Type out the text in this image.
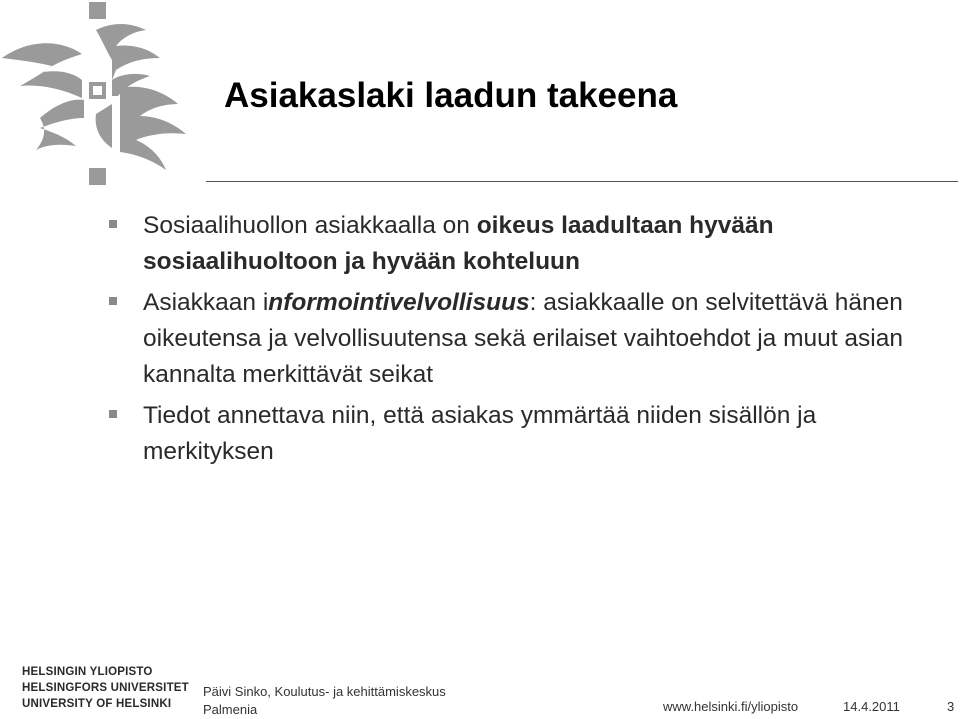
Asiakaslaki laadun takeena
Sosiaalihuollon asiakkaalla on oikeus laadultaan hyvään sosiaalihuoltoon ja hyvään kohteluun
Asiakkaan informointivelvollisuus: asiakkaalle on selvitettävä hänen oikeutensa ja velvollisuutensa sekä erilaiset vaihtoehdot ja muut asian kannalta merkittävät seikat
Tiedot annettava niin, että asiakas ymmärtää niiden sisällön ja merkityksen
HELSINGIN YLIOPISTO
HELSINGFORS UNIVERSITET
UNIVERSITY OF HELSINKI
Päivi Sinko, Koulutus- ja kehittämiskeskus
Palmenia	www.helsinki.fi/yliopisto	14.4.2011	3
